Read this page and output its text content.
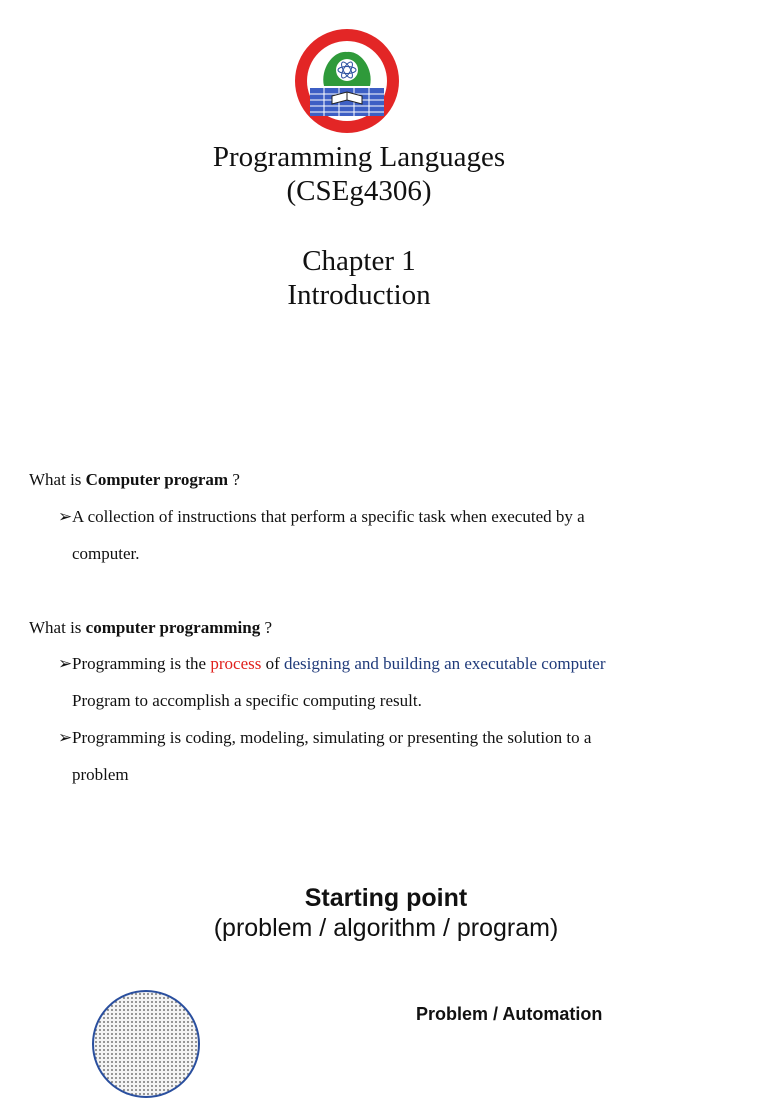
Programming Languages
(CSEg4306)
Chapter 1
Introduction
What is Computer program ?
➢A collection of instructions that perform a specific task when executed by a
computer.
What is computer programming ?
➢Programming is the process of designing and building an executable computer
Program to accomplish a specific computing result.
➢Programming is coding, modeling, simulating or presenting the solution to a
problem
Starting point
(problem / algorithm / program)
Problem / Automation
